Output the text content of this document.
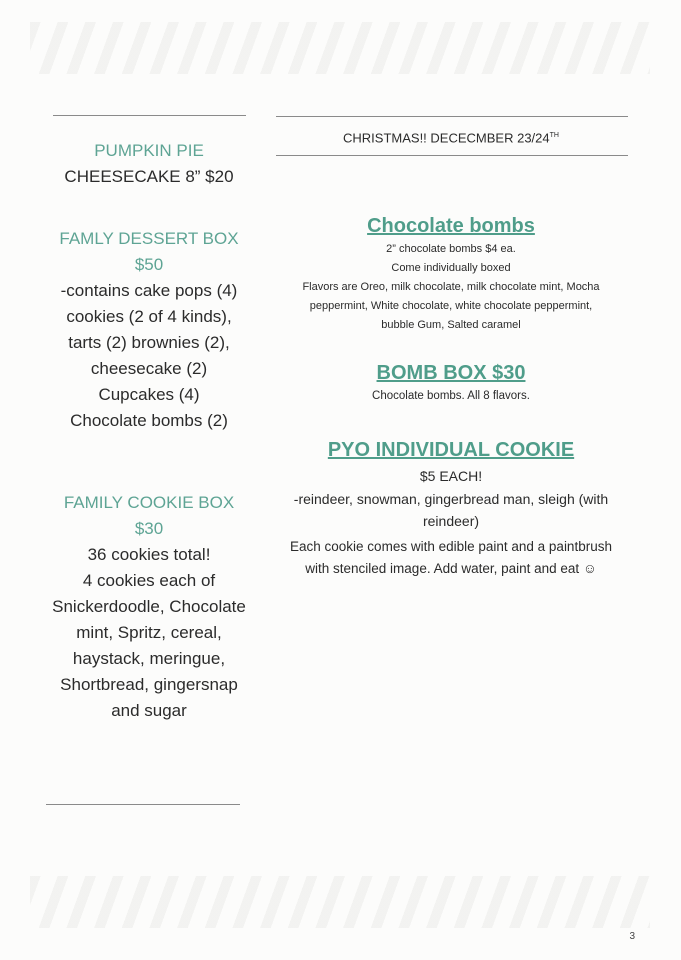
PUMPKIN PIE
CHEESECAKE 8” $20
FAMLY DESSERT BOX
$50
-contains cake pops (4)
cookies (2 of 4 kinds),
tarts (2) brownies (2),
cheesecake (2)
Cupcakes (4)
Chocolate bombs (2)
FAMILY COOKIE BOX
$30
36 cookies total!
4 cookies each of
Snickerdoodle, Chocolate
mint, Spritz, cereal,
haystack, meringue,
Shortbread, gingersnap
and sugar
CHRISTMAS!! DECECMBER 23/24TH
Chocolate bombs
2” chocolate bombs $4 ea.
Come individually boxed
Flavors are Oreo, milk chocolate, milk chocolate mint, Mocha
peppermint, White chocolate, white chocolate peppermint,
bubble Gum, Salted caramel
BOMB BOX $30
Chocolate bombs. All 8 flavors.
PYO INDIVIDUAL COOKIE
$5 EACH!
-reindeer, snowman, gingerbread man, sleigh (with
reindeer)
Each cookie comes with edible paint and a paintbrush
with stenciled image. Add water, paint and eat ☺
3
